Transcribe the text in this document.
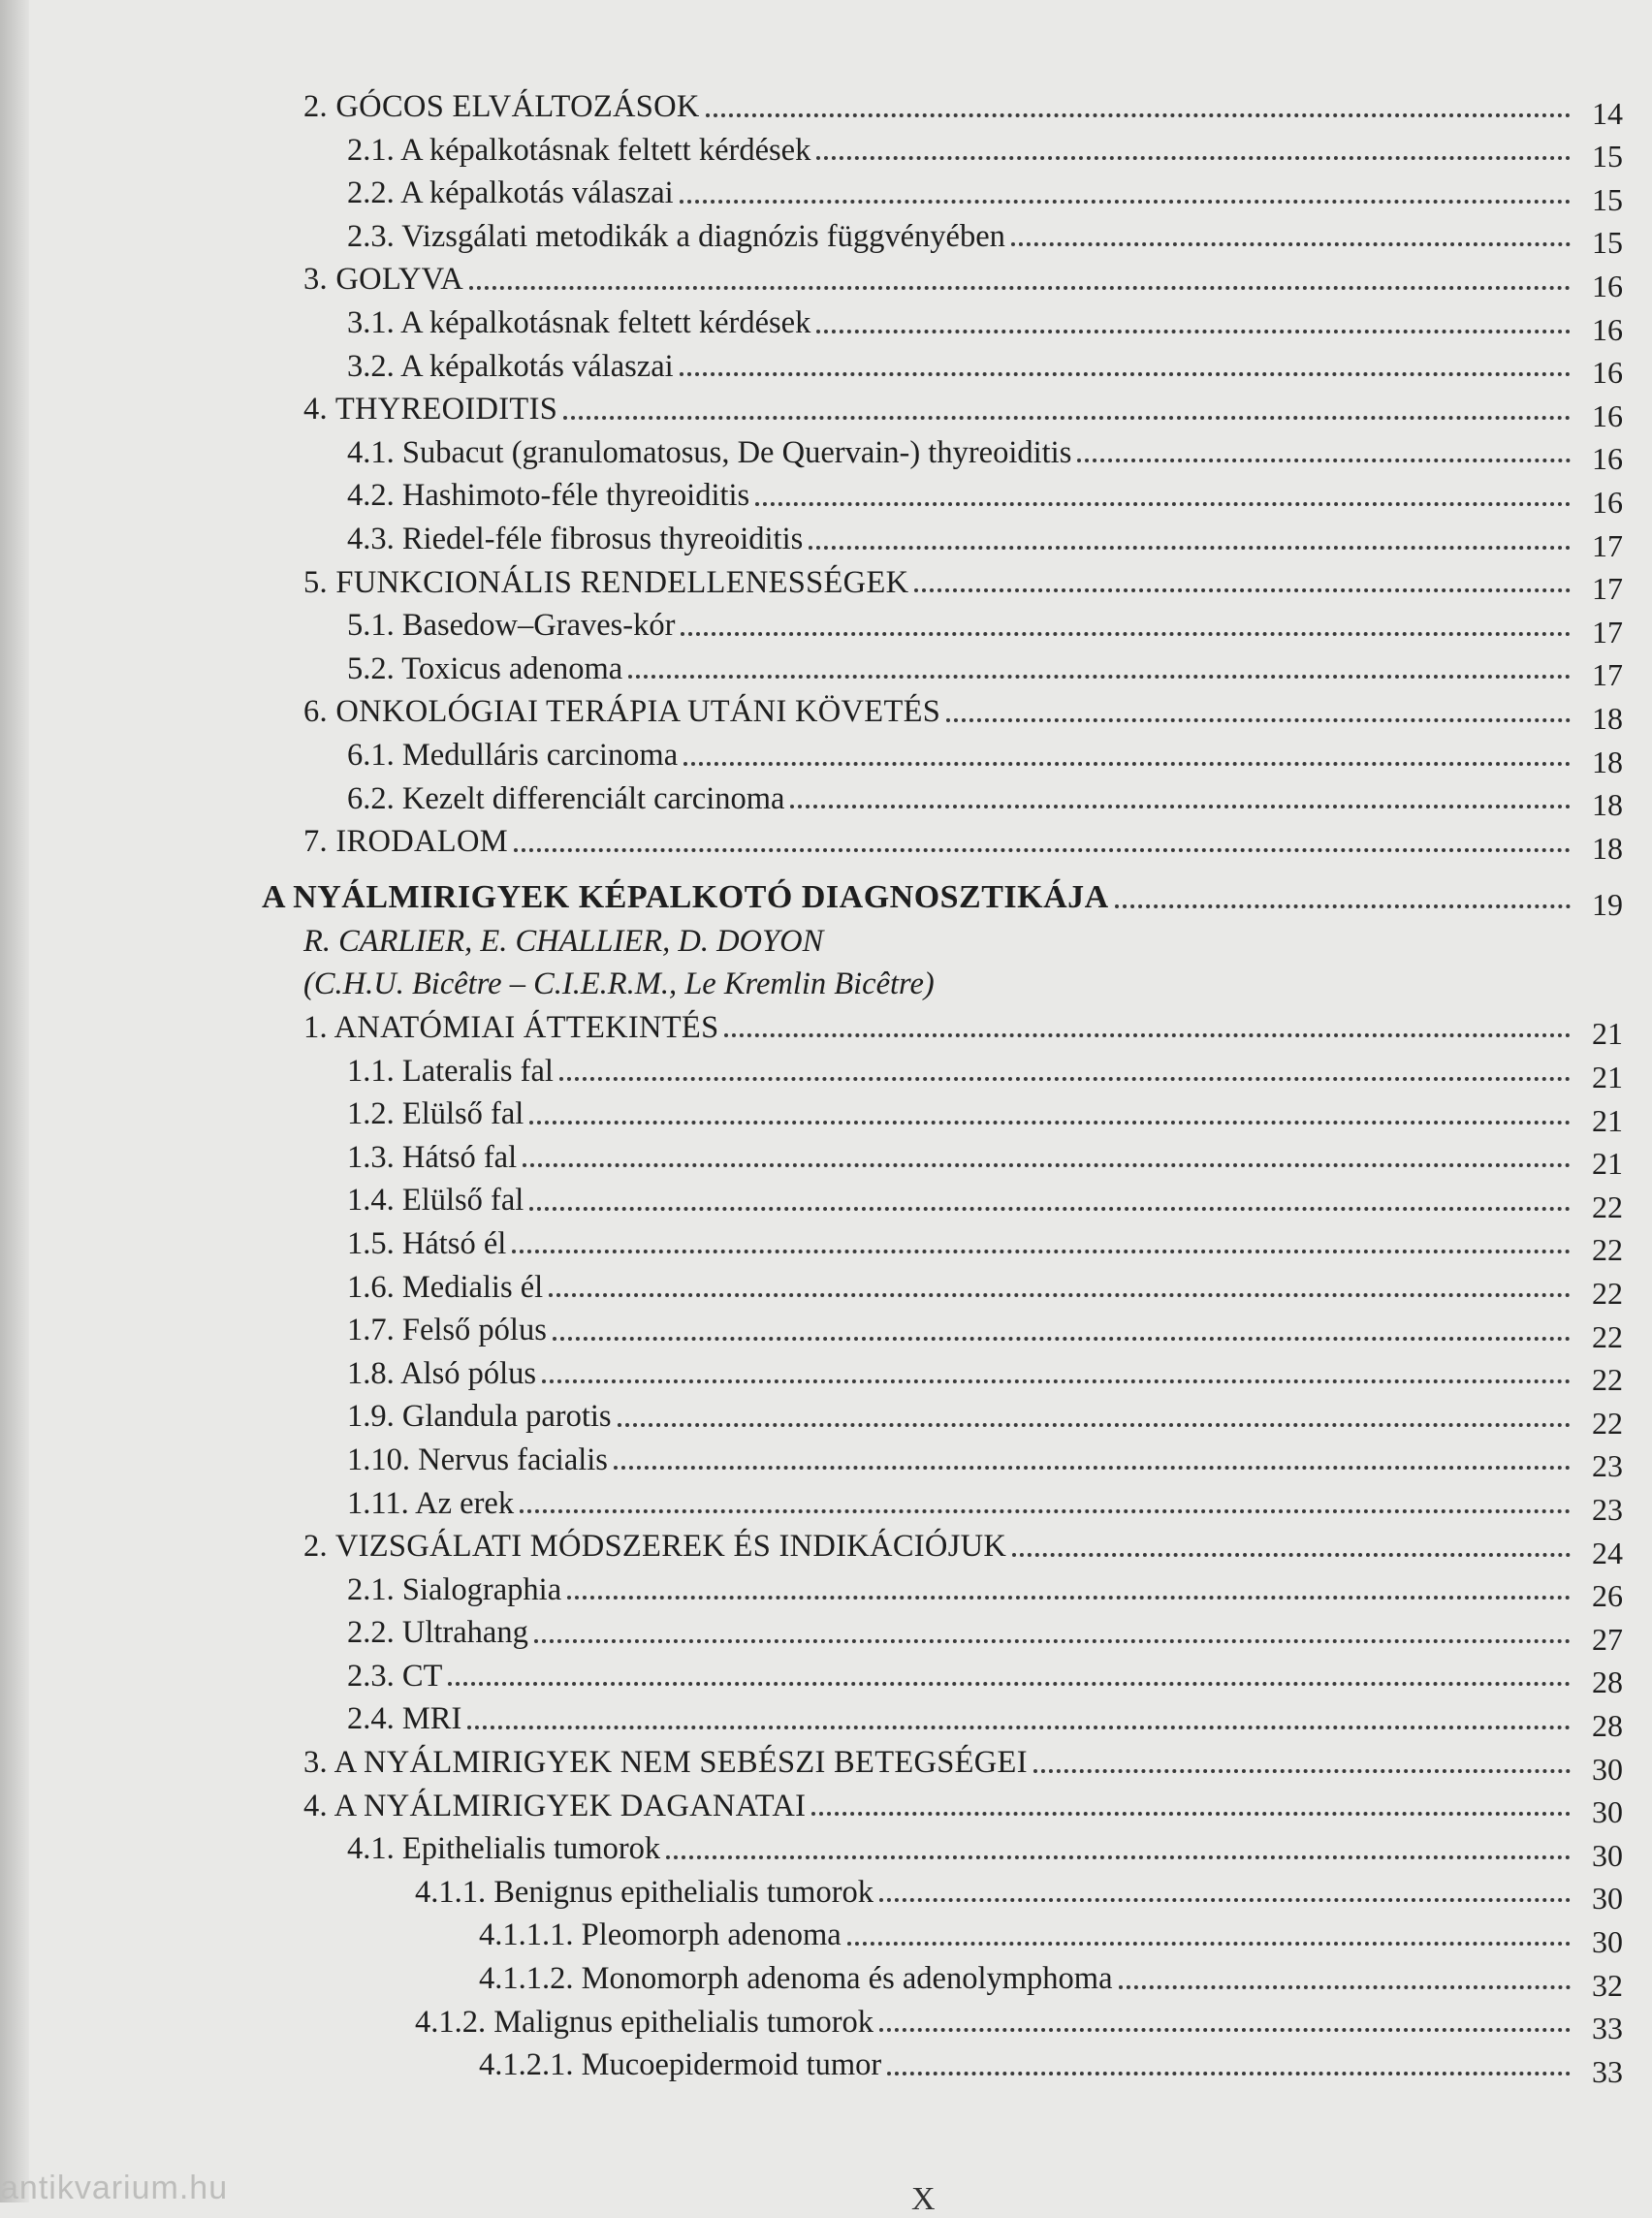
2. GÓCOS ELVÁLTOZÁSOK	14
2.1. A képalkotásnak feltett kérdések	15
2.2. A képalkotás válaszai	15
2.3. Vizsgálati metodikák a diagnózis függvényében	15
3. GOLYVA	16
3.1. A képalkotásnak feltett kérdések	16
3.2. A képalkotás válaszai	16
4. THYREOIDITIS	16
4.1. Subacut (granulomatosus, De Quervain-) thyreoiditis	16
4.2. Hashimoto-féle thyreoiditis	16
4.3. Riedel-féle fibrosus thyreoiditis	17
5. FUNKCIONÁLIS RENDELLENESSÉGEK	17
5.1. Basedow–Graves-kór	17
5.2. Toxicus adenoma	17
6. ONKOLÓGIAI TERÁPIA UTÁNI KÖVETÉS	18
6.1. Medulláris carcinoma	18
6.2. Kezelt differenciált carcinoma	18
7. IRODALOM	18
A NYÁLMIRIGYEK KÉPALKOTÓ DIAGNOSZTIKÁJA	19
R. CARLIER, E. CHALLIER, D. DOYON
(C.H.U. Bicêtre – C.I.E.R.M., Le Kremlin Bicêtre)
1. ANATÓMIAI ÁTTEKINTÉS	21
1.1. Lateralis fal	21
1.2. Elülső fal	21
1.3. Hátsó fal	21
1.4. Elülső fal	22
1.5. Hátsó él	22
1.6. Medialis él	22
1.7. Felső pólus	22
1.8. Alsó pólus	22
1.9. Glandula parotis	22
1.10. Nervus facialis	23
1.11. Az erek	23
2. VIZSGÁLATI MÓDSZEREK ÉS INDIKÁCIÓJUK	24
2.1. Sialographia	26
2.2. Ultrahang	27
2.3. CT	28
2.4. MRI	28
3. A NYÁLMIRIGYEK NEM SEBÉSZI BETEGSÉGEI	30
4. A NYÁLMIRIGYEK DAGANATAI	30
4.1. Epithelialis tumorok	30
4.1.1. Benignus epithelialis tumorok	30
4.1.1.1. Pleomorph adenoma	30
4.1.1.2. Monomorph adenoma és adenolymphoma	32
4.1.2. Malignus epithelialis tumorok	33
4.1.2.1. Mucoepidermoid tumor	33
antikvarium.hu	X
